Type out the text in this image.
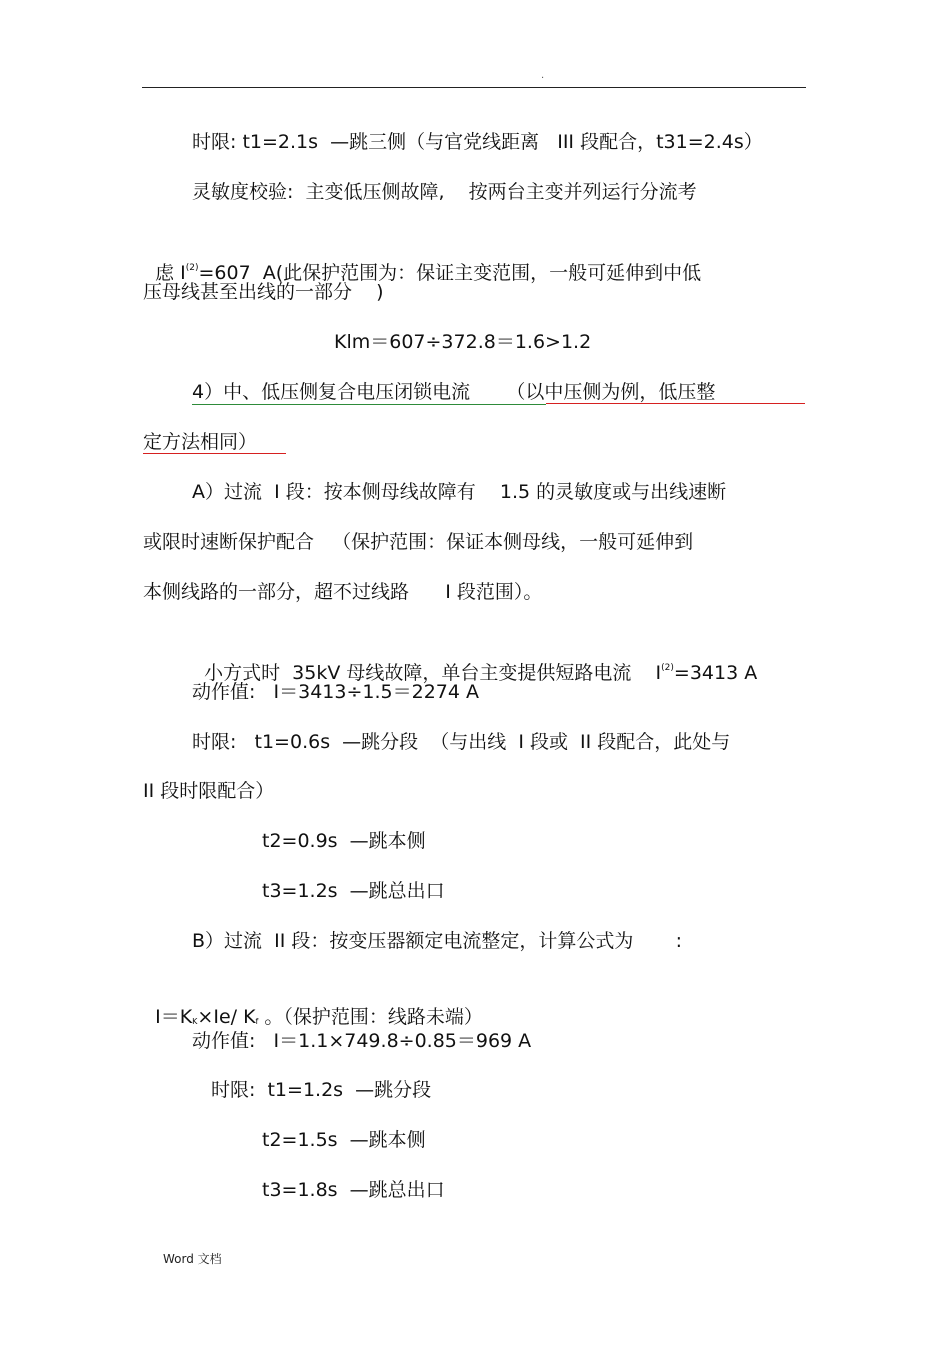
.
时限: t1=2.1s  —跳三侧（与官党线距离   III 段配合，t31=2.4s）
灵敏度校验:  主变低压侧故障,    按两台主变并列运行分流考

虑 $I^{(2)}=607$  A(此保护范围为：保证主变范围，一般可延伸到中低

压母线甚至出线的一部分    )
Klm＝607÷372.8＝1.6>1.2
4）中、低压侧复合电压闭锁电流      （以中压侧为例，低压整
定方法相同）
A）过流  I 段：按本侧母线故障有    1.5 的灵敏度或与出线速断
或限时速断保护配合   （保护范围：保证本侧母线，一般可延伸到
本侧线路的一部分，超不过线路      I 段范围）。

小方式时  35kV 母线故障，单台主变提供短路电流    $I^{(2)}=3413$ A

动作值:   I＝3413÷1.5＝2274 A
时限:   t1=0.6s  —跳分段  （与出线  I 段或  II 段配合，此处与
II 段时限配合）
t2=0.9s  —跳本侧
t3=1.2s  —跳总出口
B）过流  II 段：按变压器额定电流整定，计算公式为       :

I＝KK×Ie/ Kf 。（保护范围：线路未端）

动作值:   I＝1.1×749.8÷0.85＝969 A
时限:  t1=1.2s  —跳分段
t2=1.5s  —跳本侧
t3=1.8s  —跳总出口
Word 文档
